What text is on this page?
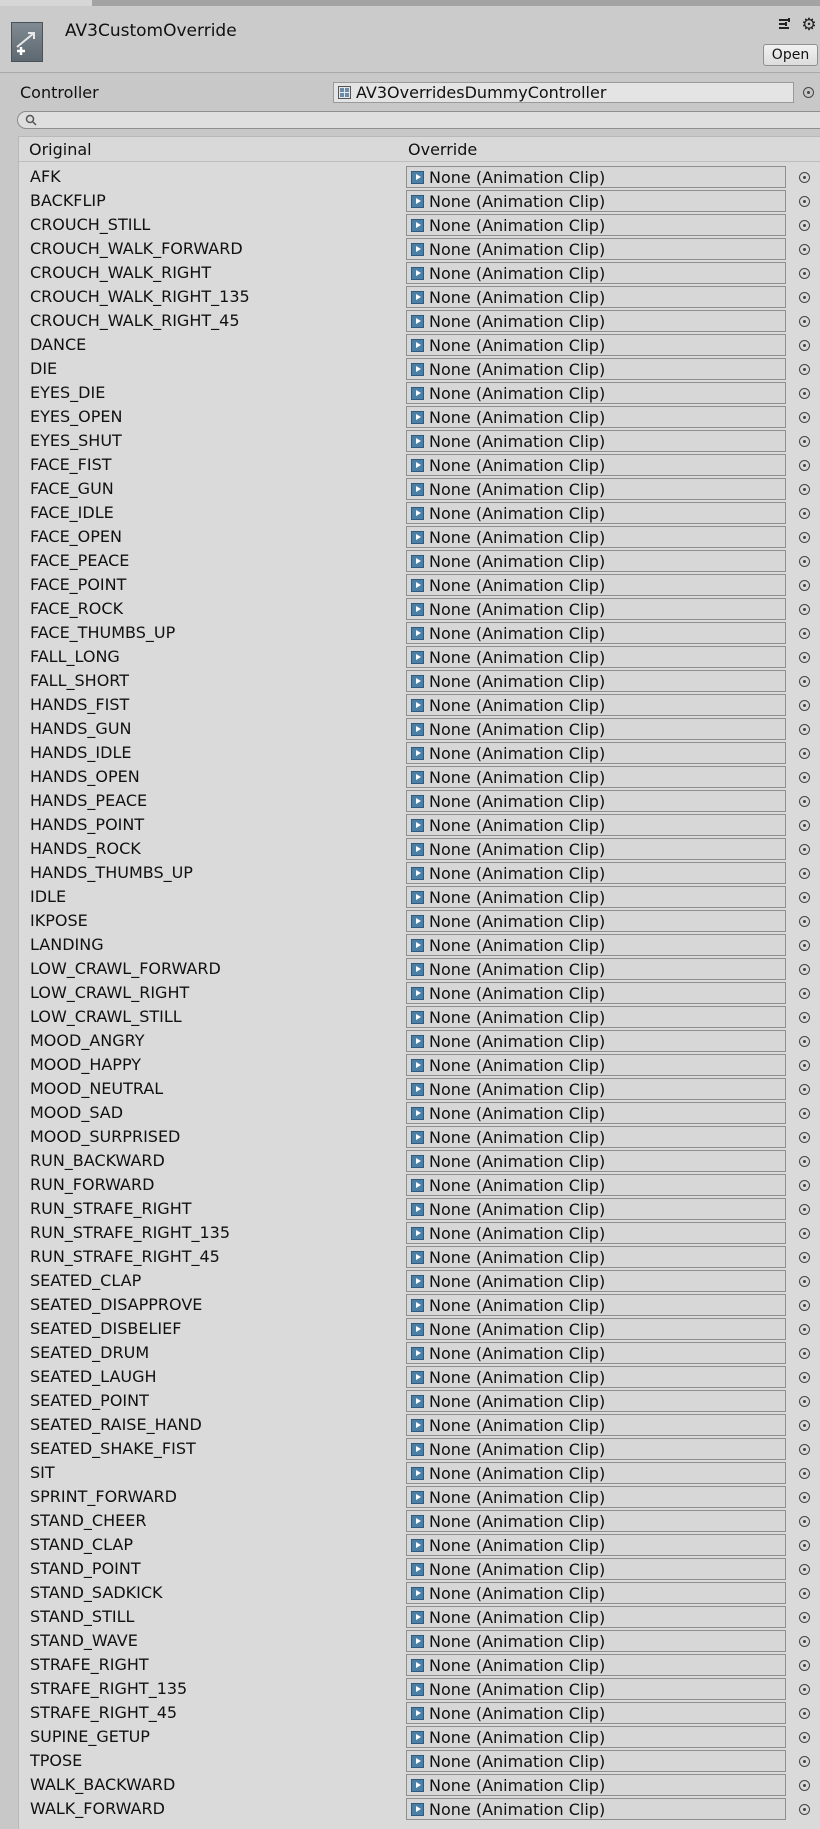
AV3CustomOverride	⚙
Open
Controller	AV3OverridesDummyController
Original	Override
AFK	None (Animation Clip)
BACKFLIP	None (Animation Clip)
CROUCH_STILL	None (Animation Clip)
CROUCH_WALK_FORWARD	None (Animation Clip)
CROUCH_WALK_RIGHT	None (Animation Clip)
CROUCH_WALK_RIGHT_135	None (Animation Clip)
CROUCH_WALK_RIGHT_45	None (Animation Clip)
DANCE	None (Animation Clip)
DIE	None (Animation Clip)
EYES_DIE	None (Animation Clip)
EYES_OPEN	None (Animation Clip)
EYES_SHUT	None (Animation Clip)
FACE_FIST	None (Animation Clip)
FACE_GUN	None (Animation Clip)
FACE_IDLE	None (Animation Clip)
FACE_OPEN	None (Animation Clip)
FACE_PEACE	None (Animation Clip)
FACE_POINT	None (Animation Clip)
FACE_ROCK	None (Animation Clip)
FACE_THUMBS_UP	None (Animation Clip)
FALL_LONG	None (Animation Clip)
FALL_SHORT	None (Animation Clip)
HANDS_FIST	None (Animation Clip)
HANDS_GUN	None (Animation Clip)
HANDS_IDLE	None (Animation Clip)
HANDS_OPEN	None (Animation Clip)
HANDS_PEACE	None (Animation Clip)
HANDS_POINT	None (Animation Clip)
HANDS_ROCK	None (Animation Clip)
HANDS_THUMBS_UP	None (Animation Clip)
IDLE	None (Animation Clip)
IKPOSE	None (Animation Clip)
LANDING	None (Animation Clip)
LOW_CRAWL_FORWARD	None (Animation Clip)
LOW_CRAWL_RIGHT	None (Animation Clip)
LOW_CRAWL_STILL	None (Animation Clip)
MOOD_ANGRY	None (Animation Clip)
MOOD_HAPPY	None (Animation Clip)
MOOD_NEUTRAL	None (Animation Clip)
MOOD_SAD	None (Animation Clip)
MOOD_SURPRISED	None (Animation Clip)
RUN_BACKWARD	None (Animation Clip)
RUN_FORWARD	None (Animation Clip)
RUN_STRAFE_RIGHT	None (Animation Clip)
RUN_STRAFE_RIGHT_135	None (Animation Clip)
RUN_STRAFE_RIGHT_45	None (Animation Clip)
SEATED_CLAP	None (Animation Clip)
SEATED_DISAPPROVE	None (Animation Clip)
SEATED_DISBELIEF	None (Animation Clip)
SEATED_DRUM	None (Animation Clip)
SEATED_LAUGH	None (Animation Clip)
SEATED_POINT	None (Animation Clip)
SEATED_RAISE_HAND	None (Animation Clip)
SEATED_SHAKE_FIST	None (Animation Clip)
SIT	None (Animation Clip)
SPRINT_FORWARD	None (Animation Clip)
STAND_CHEER	None (Animation Clip)
STAND_CLAP	None (Animation Clip)
STAND_POINT	None (Animation Clip)
STAND_SADKICK	None (Animation Clip)
STAND_STILL	None (Animation Clip)
STAND_WAVE	None (Animation Clip)
STRAFE_RIGHT	None (Animation Clip)
STRAFE_RIGHT_135	None (Animation Clip)
STRAFE_RIGHT_45	None (Animation Clip)
SUPINE_GETUP	None (Animation Clip)
TPOSE	None (Animation Clip)
WALK_BACKWARD	None (Animation Clip)
WALK_FORWARD	None (Animation Clip)
